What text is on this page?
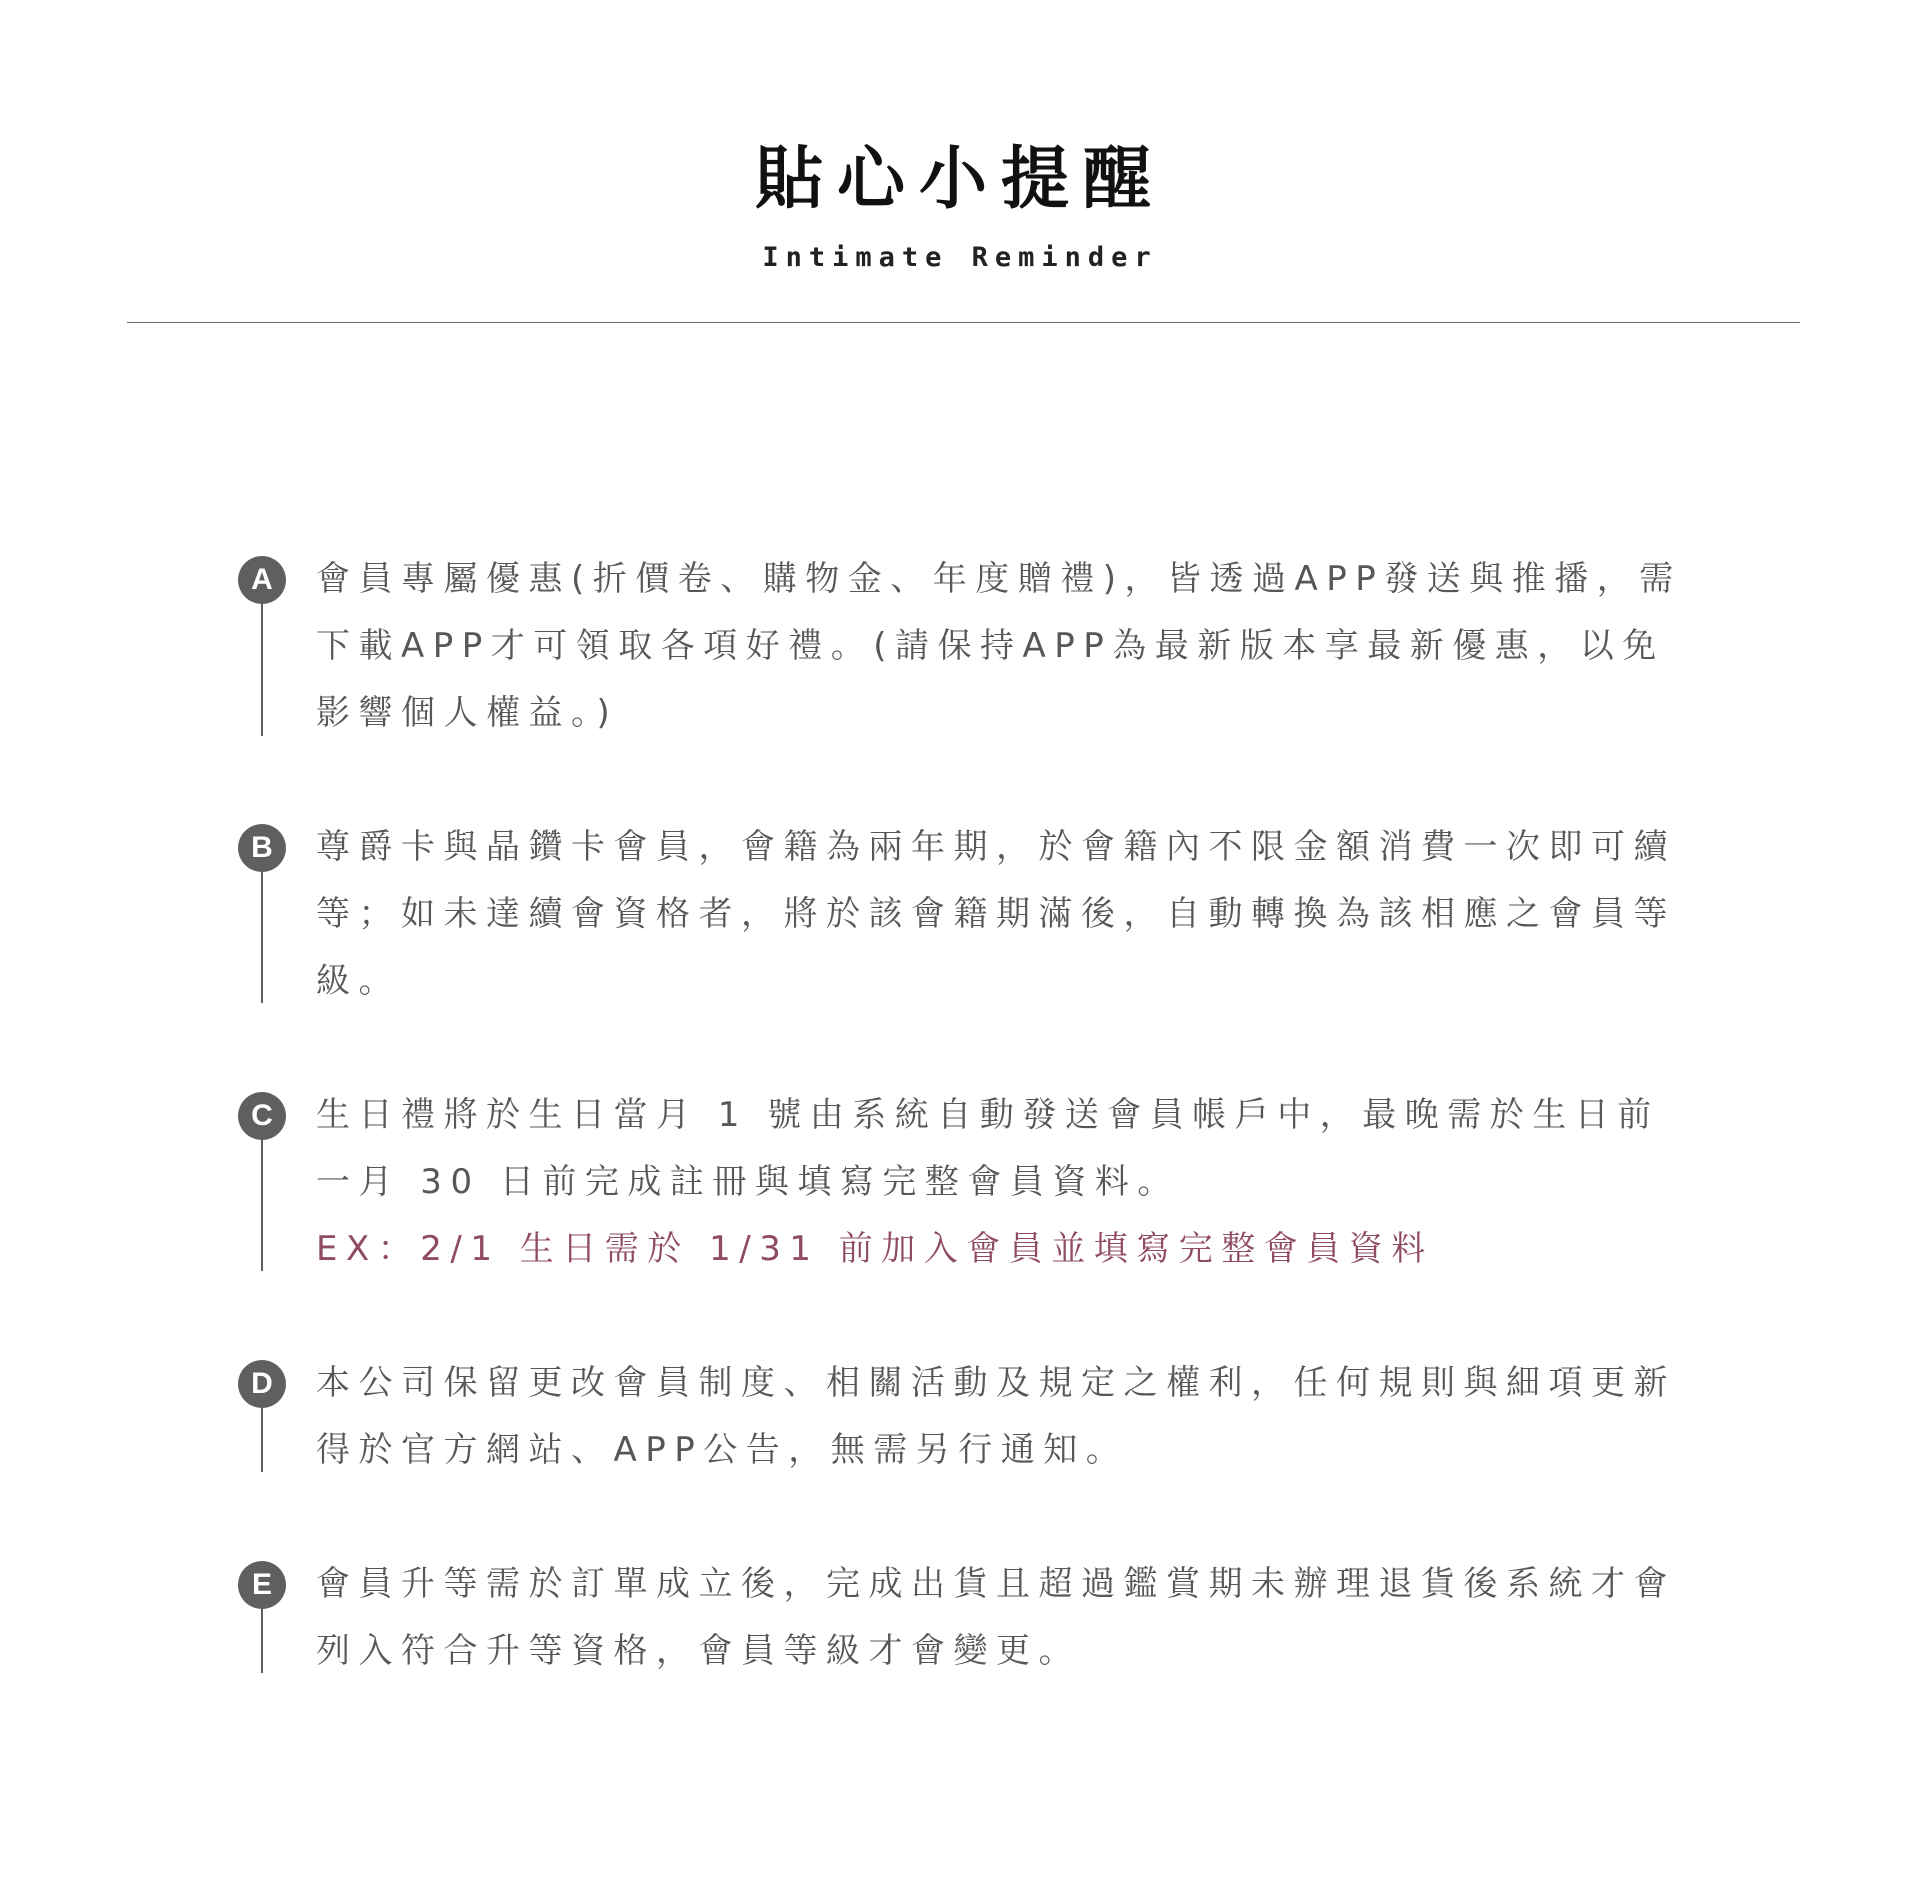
貼心小提醒
Intimate Reminder
A	會員專屬優惠(折價卷、購物金、年度贈禮)，皆透過APP發送與推播，需下載APP才可領取各項好禮。(請保持APP為最新版本享最新優惠，以免影響個人權益。)

B	尊爵卡與晶鑽卡會員，會籍為兩年期，於會籍內不限金額消費一次即可續等；如未達續會資格者，將於該會籍期滿後，自動轉換為該相應之會員等級。

C	生日禮將於生日當月 1 號由系統自動發送會員帳戶中，最晚需於生日前一月 30 日前完成註冊與填寫完整會員資料。

EX：2/1 生日需於 1/31 前加入會員並填寫完整會員資料

D	本公司保留更改會員制度、相關活動及規定之權利，任何規則與細項更新得於官方網站、APP公告，無需另行通知。

E	會員升等需於訂單成立後，完成出貨且超過鑑賞期未辦理退貨後系統才會列入符合升等資格，會員等級才會變更。
